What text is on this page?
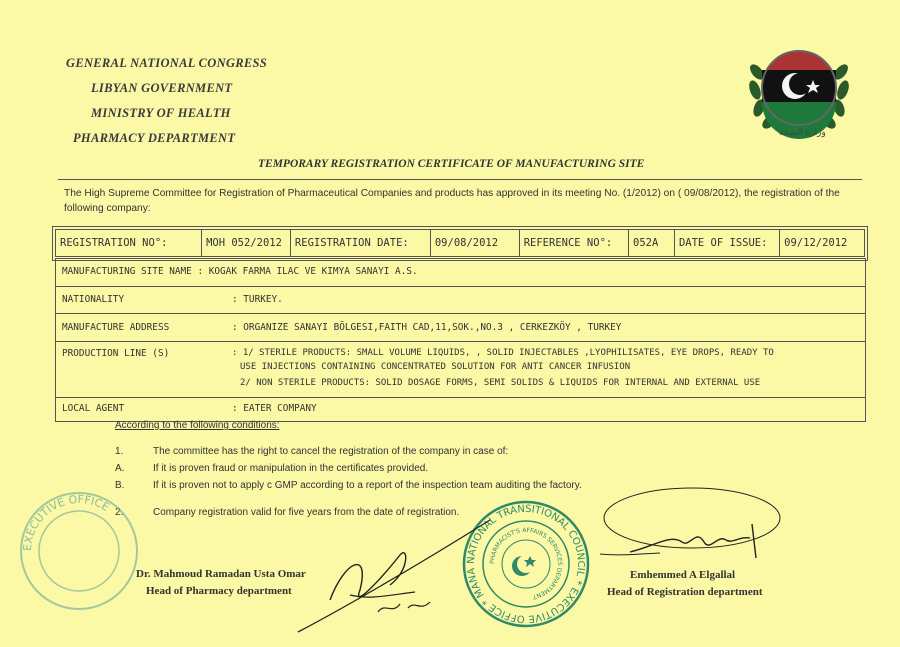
GENERAL NATIONAL CONGRESS
LIBYAN GOVERNMENT
MINISTRY OF HEALTH
PHARMACY DEPARTMENT	وزارة الصحة
TEMPORARY REGISTRATION CERTIFICATE OF MANUFACTURING SITE
The High Supreme Committee for Registration of Pharmaceutical Companies and products has approved in its meeting No. (1/2012) on ( 09/08/2012), the registration of the following company:
REGISTRATION NO°:	MOH 052/2012	REGISTRATION DATE:	09/08/2012	REFERENCE NO°:	052A	DATE OF ISSUE:	09/12/2012
MANUFACTURING SITE NAME : KOGAK FARMA ILAC VE KIMYA SANAYI A.S.
NATIONALITY	: TURKEY.
MANUFACTURE ADDRESS	: ORGANIZE SANAYI BÖLGESI,FAITH CAD,11,SOK.,NO.3 , CERKEZKÖY , TURKEY
PRODUCTION LINE (S)	: 1/ STERILE PRODUCTS: SMALL VOLUME LIQUIDS, , SOLID INJECTABLES ,LYOPHILISATES, EYE DROPS, READY TO
USE INJECTIONS CONTAINING CONCENTRATED SOLUTION FOR ANTI CANCER INFUSION
2/ NON STERILE PRODUCTS: SOLID DOSAGE FORMS, SEMI SOLIDS & LIQUIDS FOR INTERNAL AND EXTERNAL USE
LOCAL AGENT	: EATER COMPANY
According to the following conditions:
1.	The committee has the right to cancel the registration of the company in case of:
A.	If it is proven fraud or manipulation in the certificates provided.
B.	If it is proven not to apply c GMP according to a report of the inspection team auditing the factory.
2.	Company registration valid for five years from the date of registration.
EXECUTIVE OFFICE
NATIONAL TRANSITIONAL COUNCIL * EXECUTIVE OFFICE * MANAGEMENT OF HEALTH
PHARMACIST'S AFFAIRS SERVICES DEPARTMENT
Dr. Mahmoud Ramadan Usta Omar
Head of Pharmacy department
Emhemmed A Elgallal
Head of Registration department
